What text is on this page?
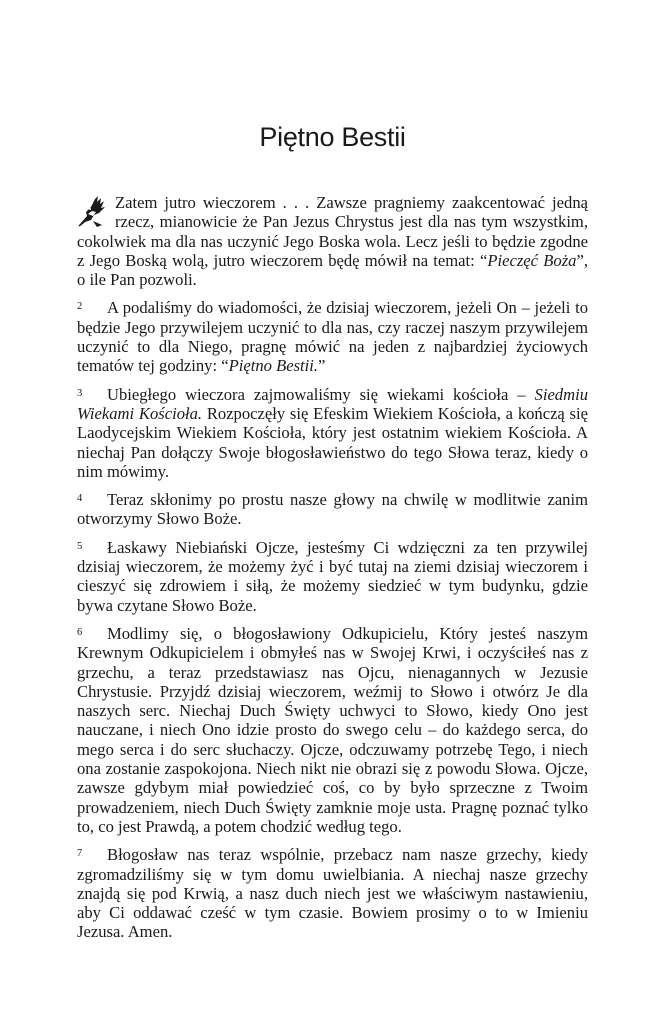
Piętno Bestii

Zatem jutro wieczorem . . . Zawsze pragniemy zaakcentować jedną rzecz, mianowicie że Pan Jezus Chrystus jest dla nas tym wszystkim, cokolwiek ma dla nas uczynić Jego Boska wola. Lecz jeśli to będzie zgodne z Jego Boską wolą, jutro wieczorem będę mówił na temat: “Pieczęć Boża”, o ile Pan pozwoli.

2 A podaliśmy do wiadomości, że dzisiaj wieczorem, jeżeli On – jeżeli to będzie Jego przywilejem uczynić to dla nas, czy raczej naszym przywilejem uczynić to dla Niego, pragnę mówić na jeden z najbardziej życiowych tematów tej godziny: “Piętno Bestii.”

3 Ubiegłego wieczora zajmowaliśmy się wiekami kościoła – Siedmiu Wiekami Kościoła. Rozpoczęły się Efeskim Wiekiem Kościoła, a kończą się Laodycejskim Wiekiem Kościoła, który jest ostatnim wiekiem Kościoła. A niechaj Pan dołączy Swoje błogosławieństwo do tego Słowa teraz, kiedy o nim mówimy.

4 Teraz skłonimy po prostu nasze głowy na chwilę w modlitwie zanim otworzymy Słowo Boże.

5 Łaskawy Niebiański Ojcze, jesteśmy Ci wdzięczni za ten przywilej dzisiaj wieczorem, że możemy żyć i być tutaj na ziemi dzisiaj wieczorem i cieszyć się zdrowiem i siłą, że możemy siedzieć w tym budynku, gdzie bywa czytane Słowo Boże.

6 Modlimy się, o błogosławiony Odkupicielu, Który jesteś naszym Krewnym Odkupicielem i obmyłeś nas w Swojej Krwi, i oczyściłeś nas z grzechu, a teraz przedstawiasz nas Ojcu, nienagannych w Jezusie Chrystusie. Przyjdź dzisiaj wieczorem, weźmij to Słowo i otwórz Je dla naszych serc. Niechaj Duch Święty uchwyci to Słowo, kiedy Ono jest nauczane, i niech Ono idzie prosto do swego celu – do każdego serca, do mego serca i do serc słuchaczy. Ojcze, odczuwamy potrzebę Tego, i niech ona zostanie zaspokojona. Niech nikt nie obrazi się z powodu Słowa. Ojcze, zawsze gdybym miał powiedzieć coś, co by było sprzeczne z Twoim prowadzeniem, niech Duch Święty zamknie moje usta. Pragnę poznać tylko to, co jest Prawdą, a potem chodzić według tego.

7 Błogosław nas teraz wspólnie, przebacz nam nasze grzechy, kiedy zgromadziliśmy się w tym domu uwielbiania. A niechaj nasze grzechy znajdą się pod Krwią, a nasz duch niech jest we właściwym nastawieniu, aby Ci oddawać cześć w tym czasie. Bowiem prosimy o to w Imieniu Jezusa. Amen.
